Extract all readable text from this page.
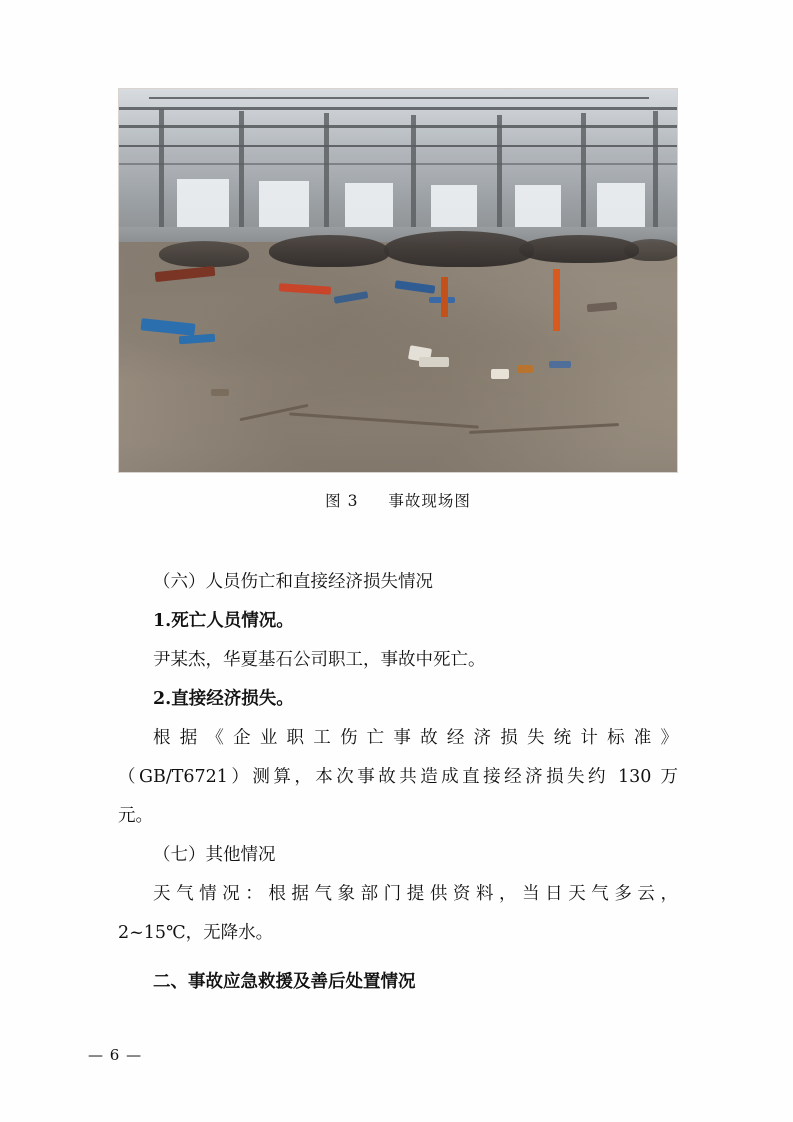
图 3 事故现场图

（六）人员伤亡和直接经济损失情况

1.死亡人员情况。

尹某杰，华夏基石公司职工，事故中死亡。

2.直接经济损失。

根据《企业职工伤亡事故经济损失统计标准》

（GB/T6721）测算，本次事故共造成直接经济损失约 130 万

元。

（七）其他情况

天气情况：根据气象部门提供资料，当日天气多云，

2~15℃，无降水。

二、事故应急救援及善后处置情况

— 6 —
